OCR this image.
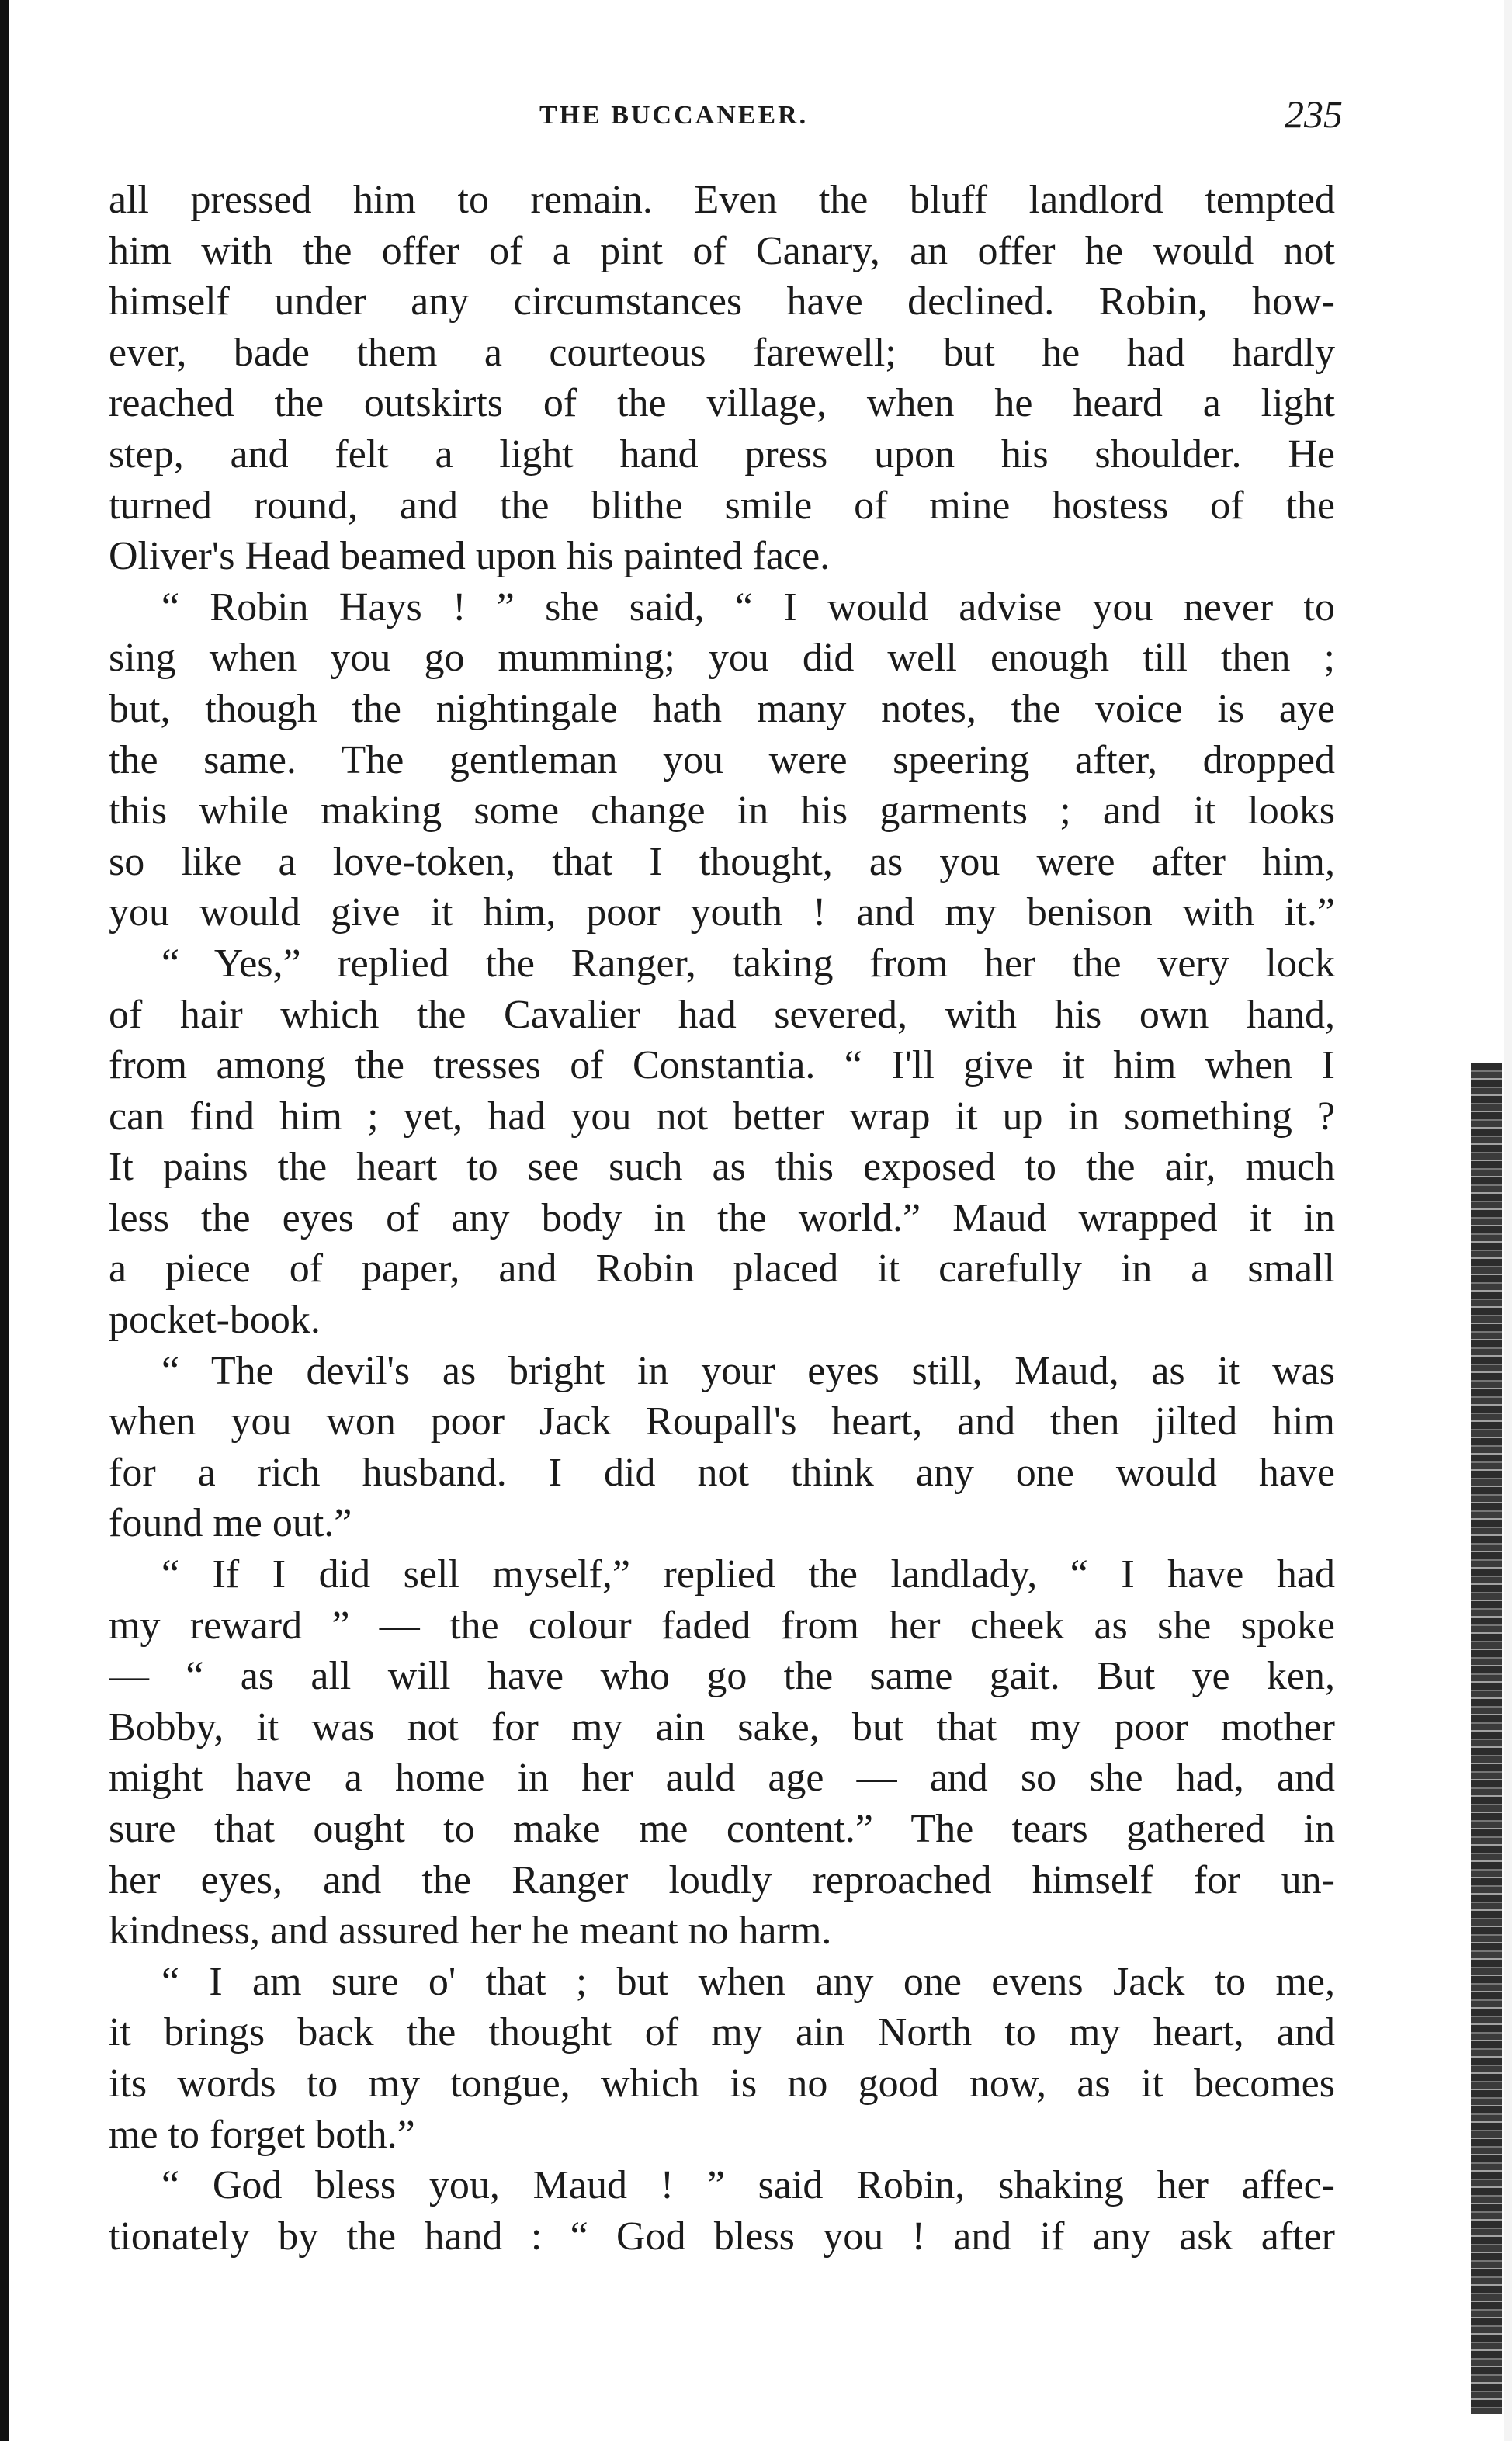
THE BUCCANEER.	235
all pressed him to remain. Even the bluff landlord tempted
him with the offer of a pint of Canary, an offer he would not
himself under any circumstances have declined. Robin, how-
ever, bade them a courteous farewell; but he had hardly
reached the outskirts of the village, when he heard a light
step, and felt a light hand press upon his shoulder. He
turned round, and the blithe smile of mine hostess of the
Oliver's Head beamed upon his painted face.
“ Robin Hays ! ” she said, “ I would advise you never to
sing when you go mumming; you did well enough till then ;
but, though the nightingale hath many notes, the voice is aye
the same. The gentleman you were speering after, dropped
this while making some change in his garments ; and it looks
so like a love-token, that I thought, as you were after him,
you would give it him, poor youth ! and my benison with it.”
“ Yes,” replied the Ranger, taking from her the very lock
of hair which the Cavalier had severed, with his own hand,
from among the tresses of Constantia. “ I'll give it him when I
can find him ; yet, had you not better wrap it up in something ?
It pains the heart to see such as this exposed to the air, much
less the eyes of any body in the world.” Maud wrapped it in
a piece of paper, and Robin placed it carefully in a small
pocket-book.
“ The devil's as bright in your eyes still, Maud, as it was
when you won poor Jack Roupall's heart, and then jilted him
for a rich husband. I did not think any one would have
found me out.”
“ If I did sell myself,” replied the landlady, “ I have had
my reward ” — the colour faded from her cheek as she spoke
— “ as all will have who go the same gait. But ye ken,
Bobby, it was not for my ain sake, but that my poor mother
might have a home in her auld age — and so she had, and
sure that ought to make me content.” The tears gathered in
her eyes, and the Ranger loudly reproached himself for un-
kindness, and assured her he meant no harm.
“ I am sure o' that ; but when any one evens Jack to me,
it brings back the thought of my ain North to my heart, and
its words to my tongue, which is no good now, as it becomes
me to forget both.”
“ God bless you, Maud ! ” said Robin, shaking her affec-
tionately by the hand : “ God bless you ! and if any ask after
